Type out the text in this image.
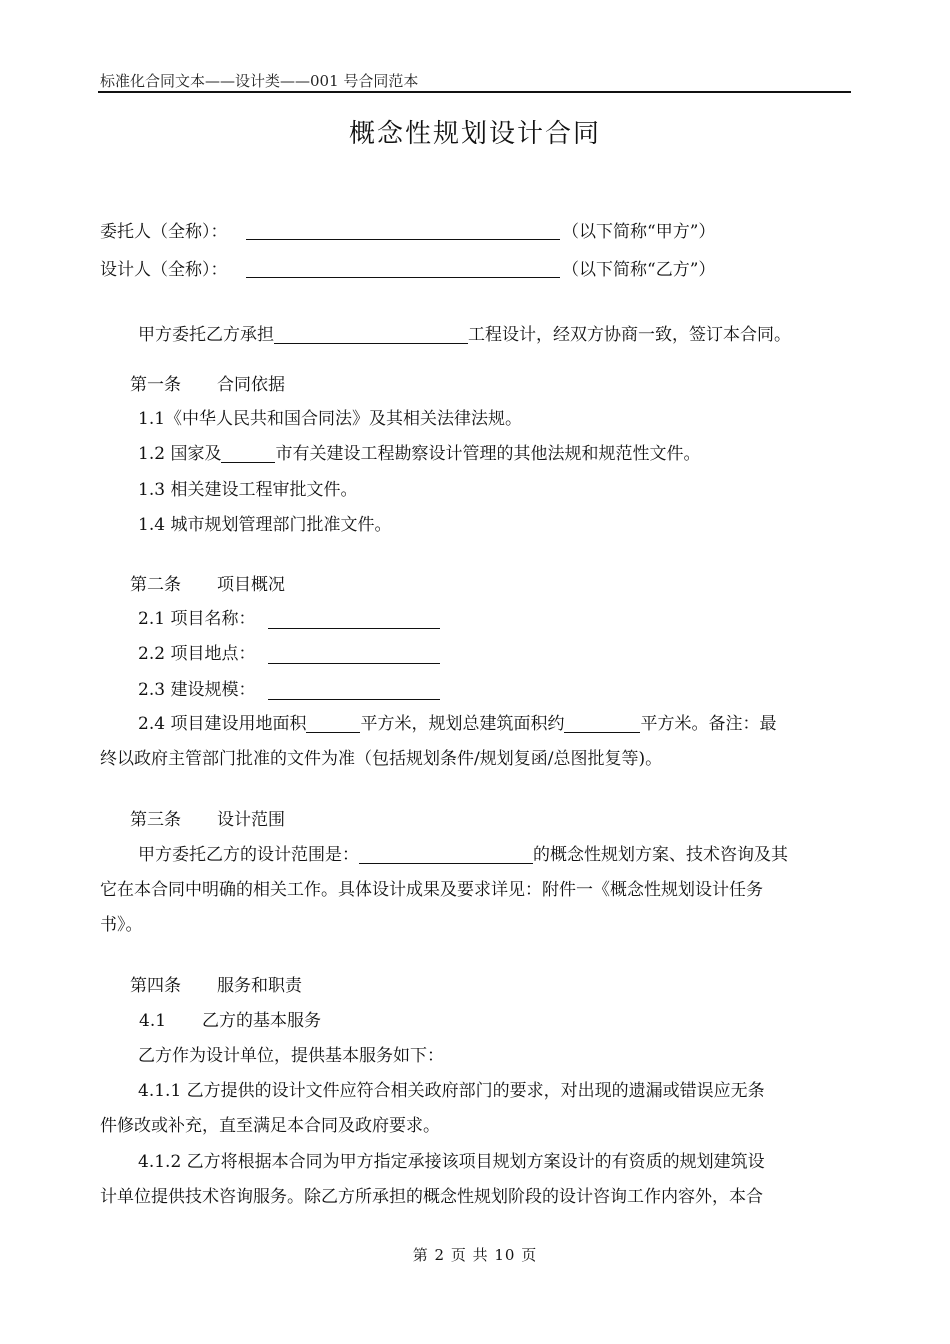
标准化合同文本——设计类——001 号合同范本
概念性规划设计合同
委托人（全称）：	（以下简称“甲方”）
设计人（全称）：	（以下简称“乙方”）
甲方委托乙方承担	工程设计，经双方协商一致，签订本合同。
第一条 合同依据
1.1《中华人民共和国合同法》及其相关法律法规。
1.2 国家及	市有关建设工程勘察设计管理的其他法规和规范性文件。
1.3 相关建设工程审批文件。
1.4 城市规划管理部门批准文件。
第二条 项目概况
2.1 项目名称：
2.2 项目地点：
2.3 建设规模：
2.4 项目建设用地面积	平方米，规划总建筑面积约	平方米。备注：最
终以政府主管部门批准的文件为准（包括规划条件/规划复函/总图批复等)。
第三条 设计范围
甲方委托乙方的设计范围是：	的概念性规划方案、技术咨询及其
它在本合同中明确的相关工作。具体设计成果及要求详见：附件一《概念性规划设计任务
书》。
第四条 服务和职责
4.1 乙方的基本服务
乙方作为设计单位，提供基本服务如下：
4.1.1 乙方提供的设计文件应符合相关政府部门的要求，对出现的遗漏或错误应无条
件修改或补充，直至满足本合同及政府要求。
4.1.2 乙方将根据本合同为甲方指定承接该项目规划方案设计的有资质的规划建筑设
计单位提供技术咨询服务。除乙方所承担的概念性规划阶段的设计咨询工作内容外，本合
第 2 页 共 10 页
